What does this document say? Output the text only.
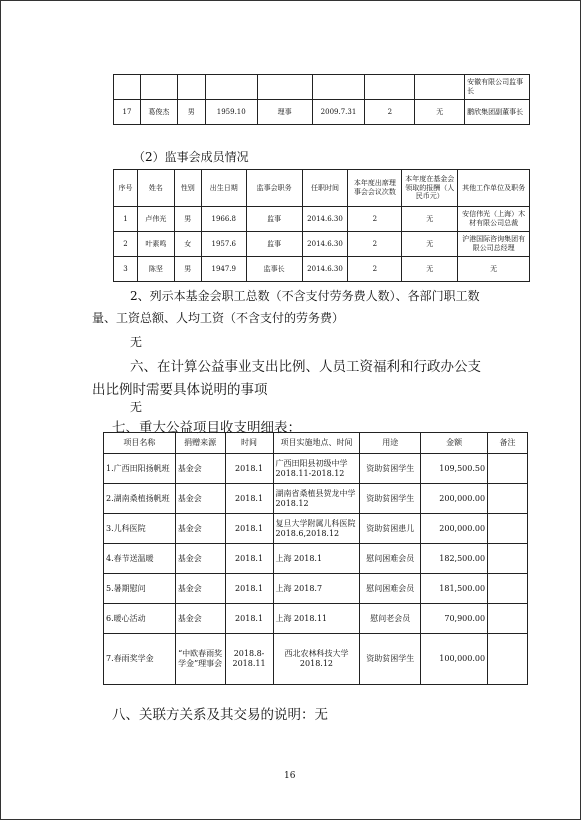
								安徽有限公司监事长
17	葛俊杰	男	1959.10	理事	2009.7.31	2	无	鹏欣集团副董事长
（2）监事会成员情况
序号	姓名	性别	出生日期	监事会职务	任职时间	本年度出席理事会会议次数	本年度在基金会领取的报酬（人民币元）	其他工作单位及职务
1	卢伟光	男	1966.8	监事	2014.6.30	2	无	安信伟光（上海）木材有限公司总裁
2	叶素鸣	女	1957.6	监事	2014.6.30	2	无	沪港国际咨询集团有限公司总经理
3	陈坚	男	1947.9	监事长	2014.6.30	2	无	无
2、列示本基金会职工总数（不含支付劳务费人数）、各部门职工数
量、工资总额、人均工资（不含支付的劳务费）
无
六、在计算公益事业支出比例、人员工资福利和行政办公支
出比例时需要具体说明的事项
无
七、重大公益项目收支明细表：
项目名称	捐赠来源	时间	项目实施地点、时间	用途	金额	备注
1.广西田阳扬帆班	基金会	2018.1	广西田阳县初级中学 2018.11-2018.12	资助贫困学生	109,500.50	
2.湖南桑植扬帆班	基金会	2018.1	湖南省桑植县贺龙中学 2018.12	资助贫困学生	200,000.00	
3.儿科医院	基金会	2018.1	复旦大学附属儿科医院 2018.6,2018.12	资助贫困患儿	200,000.00	
4.春节送温暖	基金会	2018.1	上海 2018.1	慰问困难会员	182,500.00	
5.暑期慰问	基金会	2018.1	上海 2018.7	慰问困难会员	181,500.00	
6.暖心活动	基金会	2018.1	上海 2018.11	慰问老会员	70,900.00	
7.春雨奖学金	“中欧春雨奖学金”理事会	2018.8-2018.11	西北农林科技大学 2018.12	资助贫困学生	100,000.00	
八、关联方关系及其交易的说明：无
16
